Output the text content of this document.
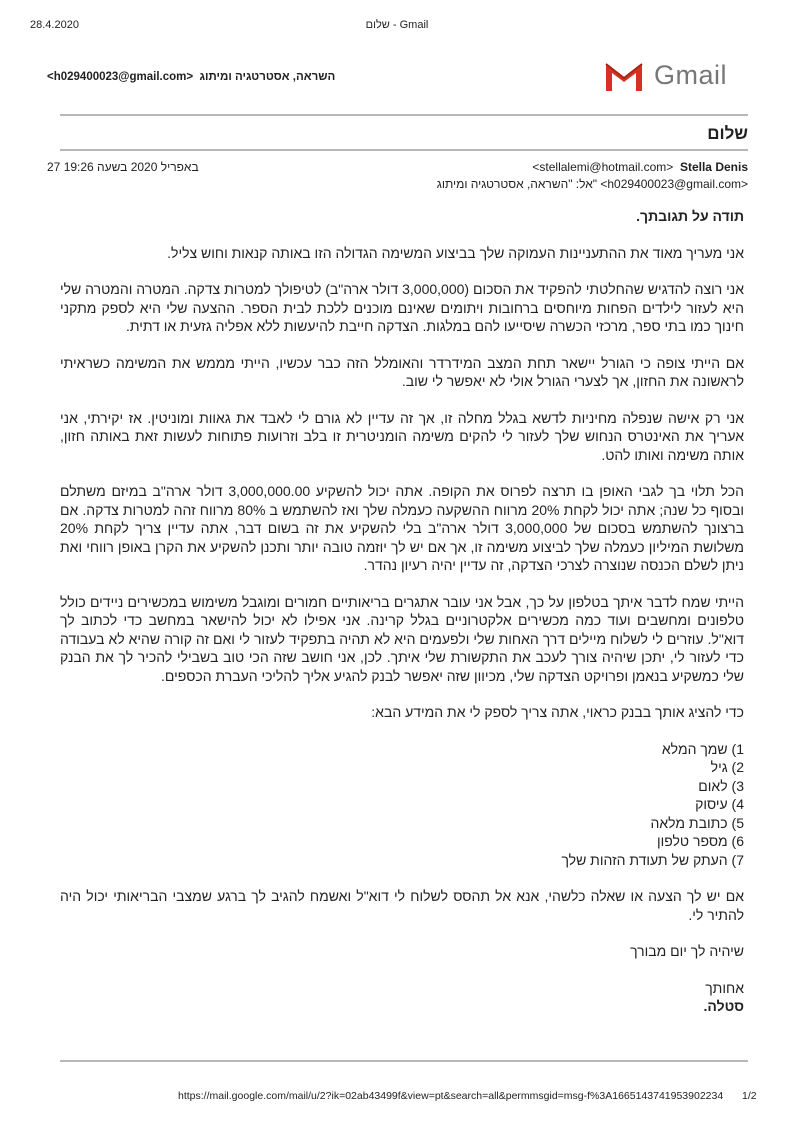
28.4.2020	שלום - Gmail
Gmail
<h029400023@gmail.com> השראה, אסטרטגיה ומיתוג
שלום
27 באפריל 2020 בשעה 19:26	<stellalemi@hotmail.com> Stella Denis
אל: "השראה, אסטרטגיה ומיתוג" <h029400023@gmail.com>

תודה על תגובתך.

אני מעריך מאוד את ההתעניינות העמוקה שלך בביצוע המשימה הגדולה הזו באותה קנאות וחוש צליל.

אני רוצה להדגיש שהחלטתי להפקיד את הסכום (3,000,000 דולר ארה"ב) לטיפולך למטרות צדקה. המטרה והמטרה שלי היא לעזור לילדים הפחות מיוחסים ברחובות ויתומים שאינם מוכנים ללכת לבית הספר. ההצעה שלי היא לספק מתקני חינוך כמו בתי ספר, מרכזי הכשרה שיסייעו להם במלגות. הצדקה חייבת להיעשות ללא אפליה גזעית או דתית.

אם הייתי צופה כי הגורל יישאר תחת המצב המידרדר והאומלל הזה כבר עכשיו, הייתי מממש את המשימה כשראיתי לראשונה את החזון, אך לצערי הגורל אולי לא יאפשר לי שוב.

אני רק אישה שנפלה מחיניות לדשא בגלל מחלה זו, אך זה עדיין לא גורם לי לאבד את גאוות ומוניטין. אז יקירתי, אני אעריך את האינטרס הנחוש שלך לעזור לי להקים משימה הומניטרית זו בלב וזרועות פתוחות לעשות זאת באותה חזון, אותה משימה ואותו להט.

הכל תלוי בך לגבי האופן בו תרצה לפרוס את הקופה. אתה יכול להשקיע 3,000,000.00 דולר ארה"ב במיזם משתלם ובסוף כל שנה; אתה יכול לקחת 20% מרווח ההשקעה כעמלה שלך ואז להשתמש ב 80% מרווח זהה למטרות צדקה. אם ברצונך להשתמש בסכום של 3,000,000 דולר ארה"ב בלי להשקיע את זה בשום דבר, אתה עדיין צריך לקחת 20% משלושת המיליון כעמלה שלך לביצוע משימה זו, אך אם יש לך יוזמה טובה יותר ותכנן להשקיע את הקרן באופן רווחי ואת ניתן לשלם הכנסה שנוצרה לצרכי הצדקה, זה עדיין יהיה רעיון נהדר.

הייתי שמח לדבר איתך בטלפון על כך, אבל אני עובר אתגרים בריאותיים חמורים ומוגבל משימוש במכשירים ניידים כולל טלפונים ומחשבים ועוד כמה מכשירים אלקטרוניים בגלל קרינה. אני אפילו לא יכול להישאר במחשב כדי לכתוב לך דוא"ל. עוזרים לי לשלוח מיילים דרך האחות שלי ולפעמים היא לא תהיה בתפקיד לעזור לי ואם זה קורה שהיא לא בעבודה כדי לעזור לי, יתכן שיהיה צורך לעכב את התקשורת שלי איתך. לכן, אני חושב שזה הכי טוב בשבילי להכיר לך את הבנק שלי כמשקיע בנאמן ופרויקט הצדקה שלי, מכיוון שזה יאפשר לבנק להגיע אליך להליכי העברת הכספים.

כדי להציג אותך בבנק כראוי, אתה צריך לספק לי את המידע הבא:

1) שמך המלא
2) גיל
3) לאום
4) עיסוק
5) כתובת מלאה
6) מספר טלפון
7) העתק של תעודת הזהות שלך

אם יש לך הצעה או שאלה כלשהי, אנא אל תהסס לשלוח לי דוא"ל ואשמח להגיב לך ברגע שמצבי הבריאותי יכול היה להתיר לי.

שיהיה לך יום מבורך

אחותך

סטלה.

https://mail.google.com/mail/u/2?ik=02ab43499f&view=pt&search=all&permmsgid=msg-f%3A1665143741953902234 1/2
